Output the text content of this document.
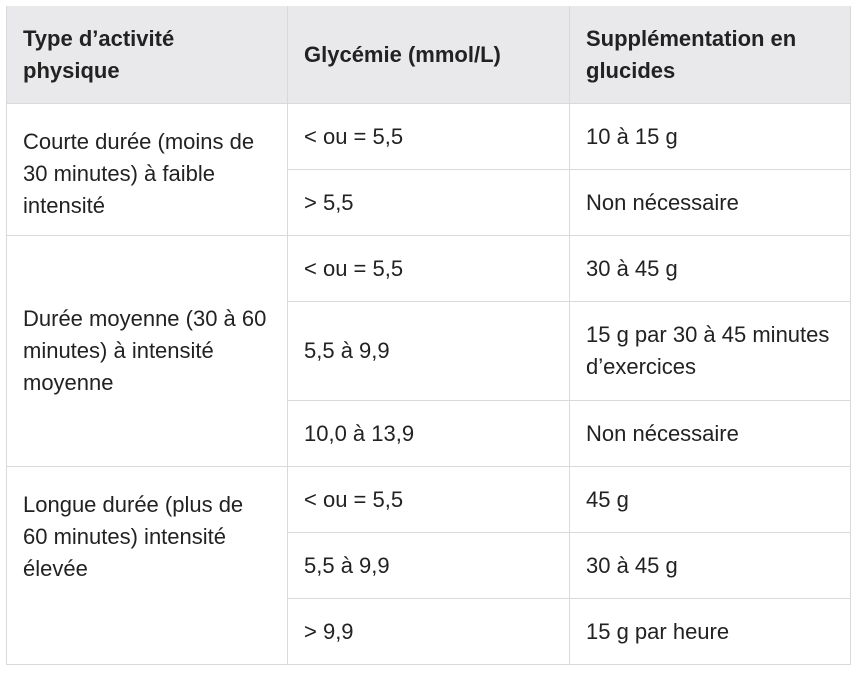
Type d’activité physique	Glycémie (mmol/L)	Supplémentation en glucides
Courte durée (moins de 30 minutes) à faible intensité	< ou = 5,5	10 à 15 g
	> 5,5	Non nécessaire
Durée moyenne (30 à 60 minutes) à intensité moyenne	< ou = 5,5	30 à 45 g
	5,5 à 9,9	15 g par 30 à 45 minutes d’exercices
	10,0 à 13,9	Non nécessaire
Longue durée (plus de 60 minutes) intensité élevée	< ou = 5,5	45 g
	5,5 à 9,9	30 à 45 g
	> 9,9	15 g par heure
